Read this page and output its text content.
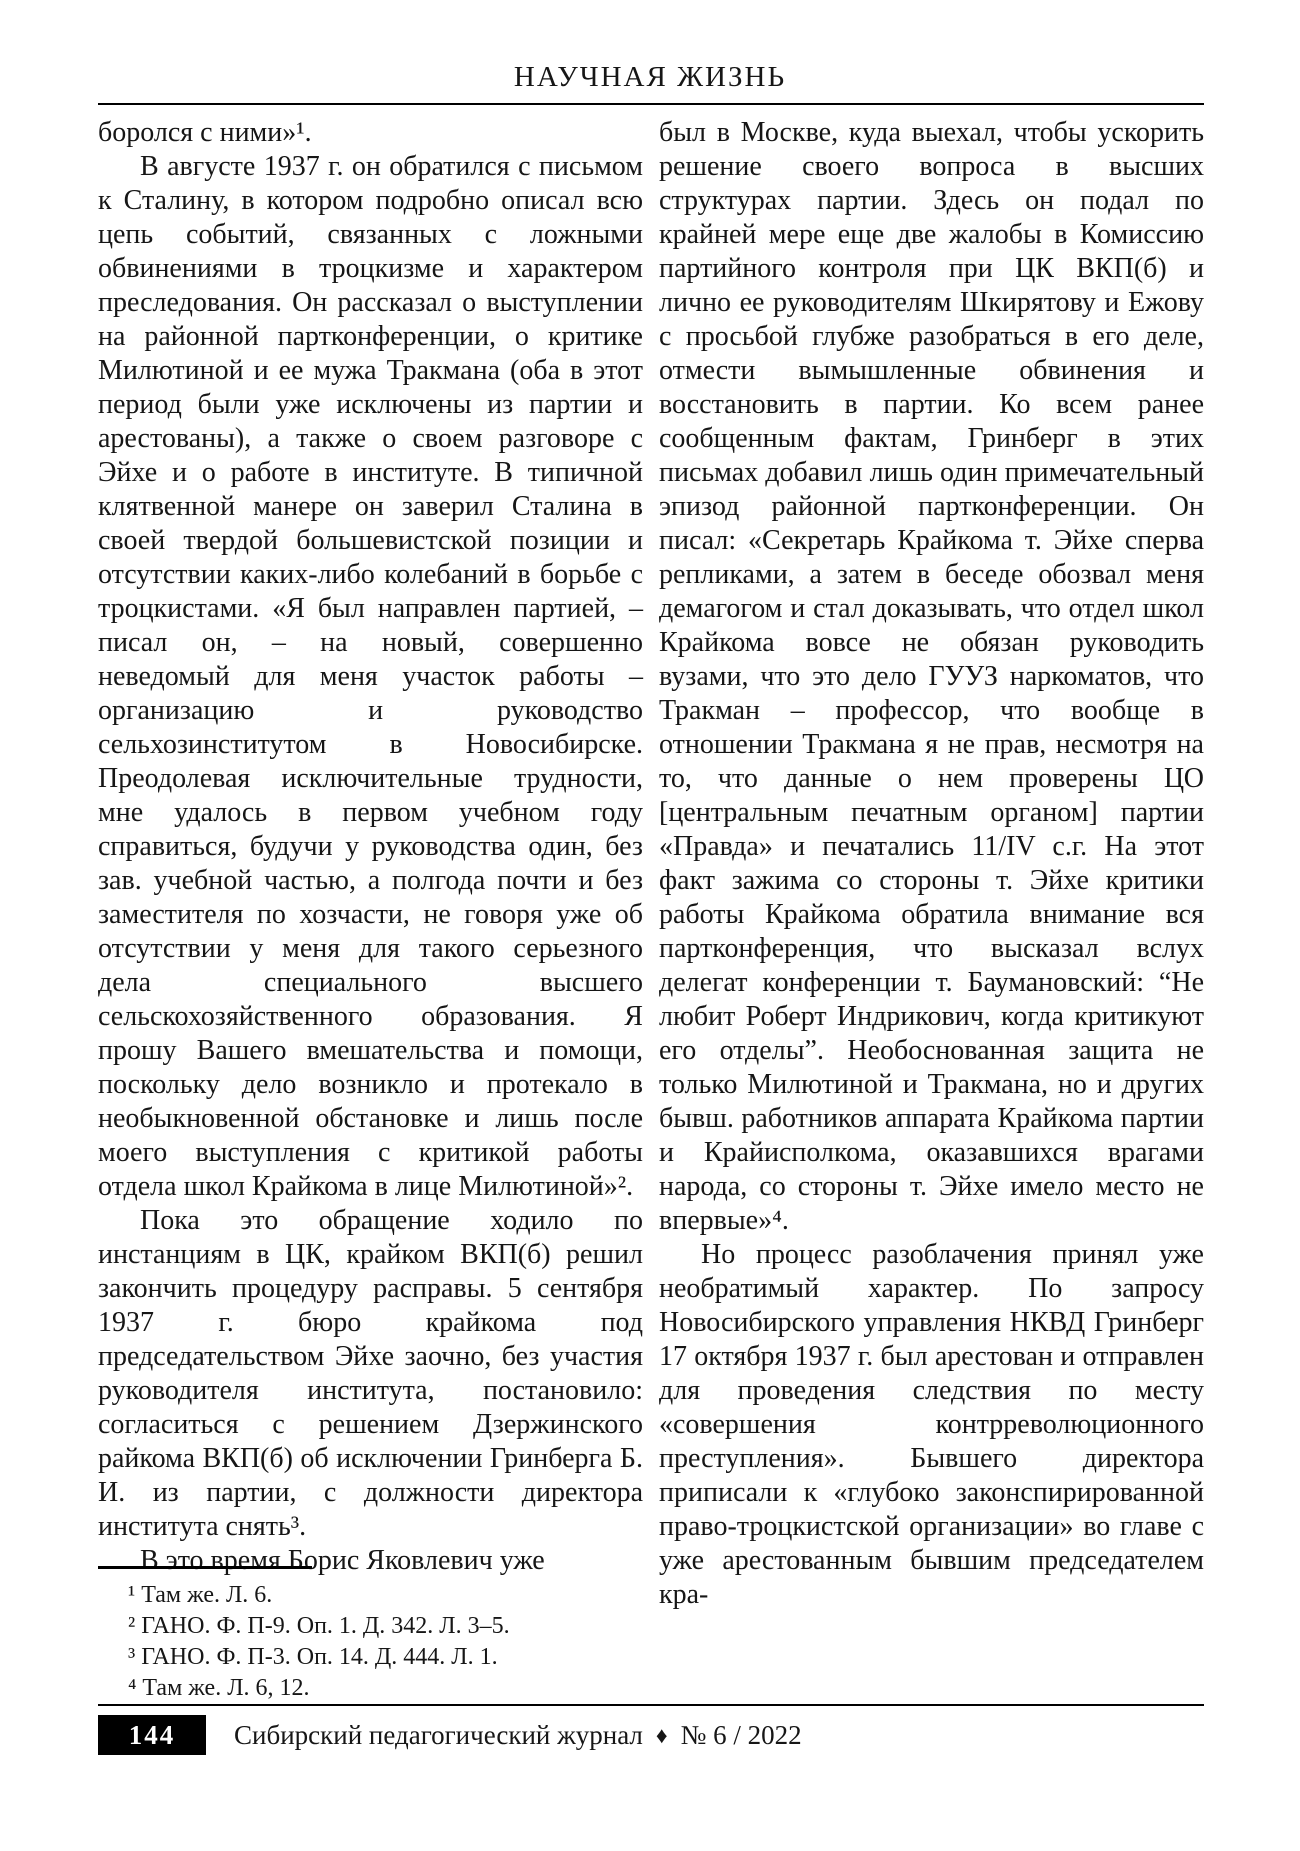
НАУЧНАЯ ЖИЗНЬ

боролся с ними»¹.

В августе 1937 г. он обратился с письмом к Сталину, в котором подробно описал всю цепь событий, связанных с ложными обвинениями в троцкизме и характером преследования. Он рассказал о выступлении на районной партконференции, о критике Милютиной и ее мужа Тракмана (оба в этот период были уже исключены из партии и арестованы), а также о своем разговоре с Эйхе и о работе в институте. В типичной клятвенной манере он заверил Сталина в своей твердой большевистской позиции и отсутствии каких-либо колебаний в борьбе с троцкистами. «Я был направлен партией, – писал он, – на новый, совершенно неведомый для меня участок работы – организацию и руководство сельхозинститутом в Новосибирске. Преодолевая исключительные трудности, мне удалось в первом учебном году справиться, будучи у руководства один, без зав. учебной частью, а полгода почти и без заместителя по хозчасти, не говоря уже об отсутствии у меня для такого серьезного дела специального высшего сельскохозяйственного образования. Я прошу Вашего вмешательства и помощи, поскольку дело возникло и протекало в необыкновенной обстановке и лишь после моего выступления с критикой работы отдела школ Крайкома в лице Милютиной»².

Пока это обращение ходило по инстанциям в ЦК, крайком ВКП(б) решил закончить процедуру расправы. 5 сентября 1937 г. бюро крайкома под председательством Эйхе заочно, без участия руководителя института, постановило: согласиться с решением Дзержинского райкома ВКП(б) об исключении Гринберга Б. И. из партии, с должности директора института снять³.

В это время Борис Яковлевич уже

был в Москве, куда выехал, чтобы ускорить решение своего вопроса в высших структурах партии. Здесь он подал по крайней мере еще две жалобы в Комиссию партийного контроля при ЦК ВКП(б) и лично ее руководителям Шкирятову и Ежову с просьбой глубже разобраться в его деле, отмести вымышленные обвинения и восстановить в партии. Ко всем ранее сообщенным фактам, Гринберг в этих письмах добавил лишь один примечательный эпизод районной партконференции. Он писал: «Секретарь Крайкома т. Эйхе сперва репликами, а затем в беседе обозвал меня демагогом и стал доказывать, что отдел школ Крайкома вовсе не обязан руководить вузами, что это дело ГУУЗ наркоматов, что Тракман – профессор, что вообще в отношении Тракмана я не прав, несмотря на то, что данные о нем проверены ЦО [центральным печатным органом] партии «Правда» и печатались 11/IV с.г. На этот факт зажима со стороны т. Эйхе критики работы Крайкома обратила внимание вся партконференция, что высказал вслух делегат конференции т. Баумановский: “Не любит Роберт Индрикович, когда критикуют его отделы”. Необоснованная защита не только Милютиной и Тракмана, но и других бывш. работников аппарата Крайкома партии и Крайисполкома, оказавшихся врагами народа, со стороны т. Эйхе имело место не впервые»⁴.

Но процесс разоблачения принял уже необратимый характер. По запросу Новосибирского управления НКВД Гринберг 17 октября 1937 г. был арестован и отправлен для проведения следствия по месту «совершения контрреволюционного преступления». Бывшего директора приписали к «глубоко законспирированной право-троцкистской организации» во главе с уже арестованным бывшим председателем кра-

¹ Там же. Л. 6.

² ГАНО. Ф. П-9. Оп. 1. Д. 342. Л. 3–5.

³ ГАНО. Ф. П-3. Оп. 14. Д. 444. Л. 1.

⁴ Там же. Л. 6, 12.

144	Сибирский педагогический журнал ♦ № 6 / 2022
